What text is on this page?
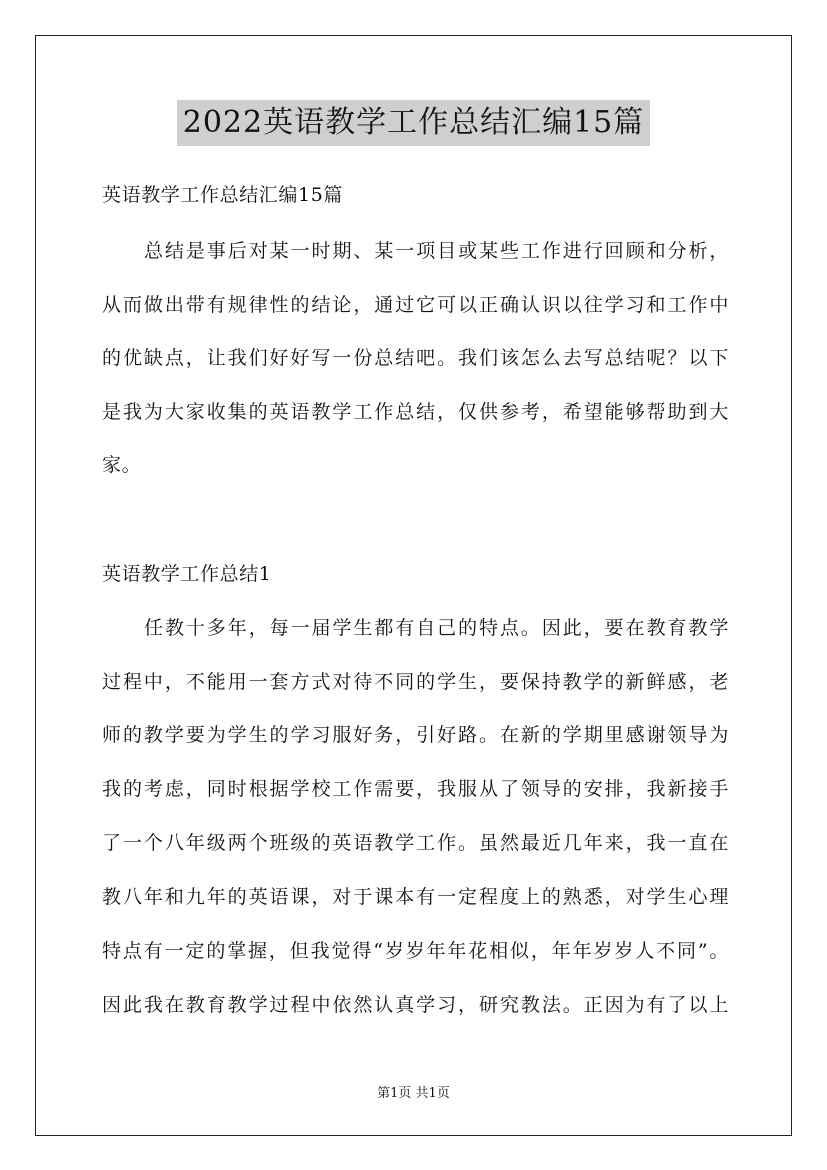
2022英语教学工作总结汇编15篇
英语教学工作总结汇编15篇
总结是事后对某一时期、某一项目或某些工作进行回顾和分析，
从而做出带有规律性的结论，通过它可以正确认识以往学习和工作中
的优缺点，让我们好好写一份总结吧。我们该怎么去写总结呢？以下
是我为大家收集的英语教学工作总结，仅供参考，希望能够帮助到大
家。
英语教学工作总结1
任教十多年，每一届学生都有自己的特点。因此，要在教育教学
过程中，不能用一套方式对待不同的学生，要保持教学的新鲜感，老
师的教学要为学生的学习服好务，引好路。在新的学期里感谢领导为
我的考虑，同时根据学校工作需要，我服从了领导的安排，我新接手
了一个八年级两个班级的英语教学工作。虽然最近几年来，我一直在
教八年和九年的英语课，对于课本有一定程度上的熟悉，对学生心理
特点有一定的掌握，但我觉得“岁岁年年花相似，年年岁岁人不同”。
因此我在教育教学过程中依然认真学习，研究教法。正因为有了以上
第1页 共1页
